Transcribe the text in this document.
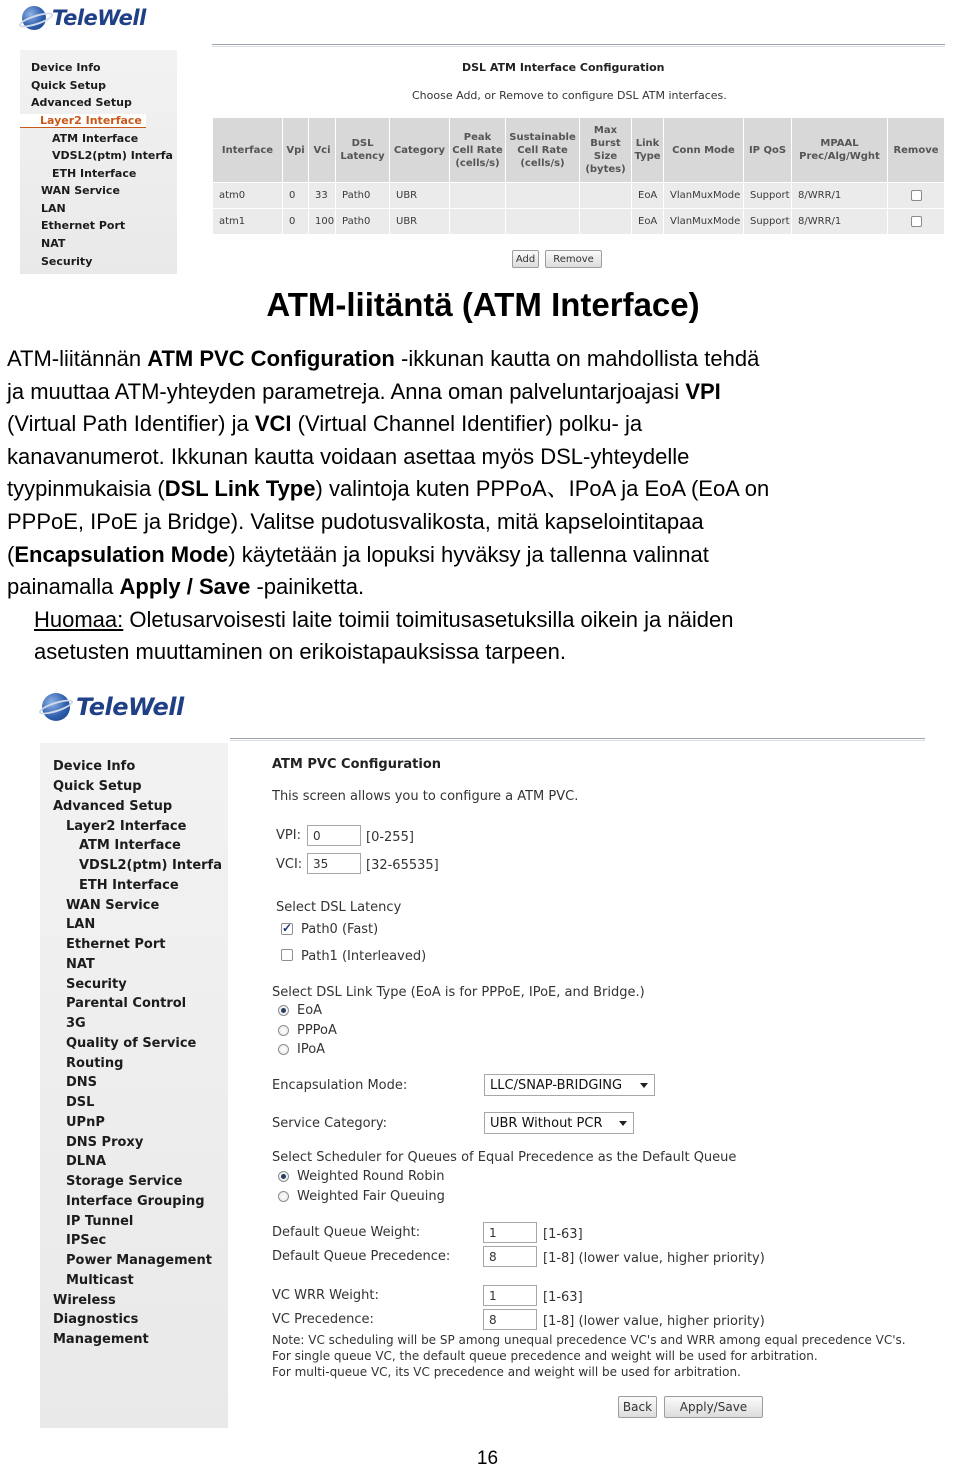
TeleWell
Device Info
Quick Setup
Advanced Setup
Layer2 Interface
ATM Interface
VDSL2(ptm) Interfa
ETH Interface
WAN Service
LAN
Ethernet Port
NAT
Security
DSL ATM Interface Configuration
Choose Add, or Remove to configure DSL ATM interfaces.
Interface	Vpi	Vci	DSL Latency	Category	Peak Cell Rate (cells/s)	Sustainable Cell Rate (cells/s)	Max Burst Size (bytes)	Link Type	Conn Mode	IP QoS	MPAAL Prec/Alg/Wght	Remove
atm0	0	33	Path0	UBR				EoA	VlanMuxMode	Support	8/WRR/1	
atm1	0	100	Path0	UBR				EoA	VlanMuxMode	Support	8/WRR/1	
Add	Remove
ATM-liitäntä (ATM Interface)
ATM-liitännän ATM PVC Configuration -ikkunan kautta on mahdollista tehdä
ja muuttaa ATM-yhteyden parametreja. Anna oman palveluntarjoajasi VPI
(Virtual Path Identifier) ja VCI (Virtual Channel Identifier) polku- ja
kanavanumerot. Ikkunan kautta voidaan asettaa myös DSL-yhteydelle
tyypinmukaisia (DSL Link Type) valintoja kuten PPPoA、IPoA ja EoA (EoA on
PPPoE, IPoE ja Bridge). Valitse pudotusvalikosta, mitä kapselointitapaa
(Encapsulation Mode) käytetään ja lopuksi hyväksy ja tallenna valinnat
painamalla Apply / Save -painiketta.
Huomaa: Oletusarvoisesti laite toimii toimitusasetuksilla oikein ja näiden
asetusten muuttaminen on erikoistapauksissa tarpeen.
TeleWell
Device Info
Quick Setup
Advanced Setup
Layer2 Interface
ATM Interface
VDSL2(ptm) Interfa
ETH Interface
WAN Service
LAN
Ethernet Port
NAT
Security
Parental Control
3G
Quality of Service
Routing
DNS
DSL
UPnP
DNS Proxy
DLNA
Storage Service
Interface Grouping
IP Tunnel
IPSec
Power Management
Multicast
Wireless
Diagnostics
Management
ATM PVC Configuration
This screen allows you to configure a ATM PVC.
VPI:	0	[0-255]
VCI: 35	[32-65535]
Select DSL Latency
✓
Path0 (Fast)
Path1 (Interleaved)
Select DSL Link Type (EoA is for PPPoE, IPoE, and Bridge.)
EoA
PPPoA
IPoA
Encapsulation Mode:	LLC/SNAP-BRIDGING
Service Category:	UBR Without PCR
Select Scheduler for Queues of Equal Precedence as the Default Queue
Weighted Round Robin
Weighted Fair Queuing
Default Queue Weight:	1	[1-63]
Default Queue Precedence:	8	[1-8] (lower value, higher priority)
VC WRR Weight:	1	[1-63]
VC Precedence:	8	[1-8] (lower value, higher priority)
Note: VC scheduling will be SP among unequal precedence VC's and WRR among equal precedence VC's.
For single queue VC, the default queue precedence and weight will be used for arbitration.
For multi-queue VC, its VC precedence and weight will be used for arbitration.
Back	Apply/Save
16
